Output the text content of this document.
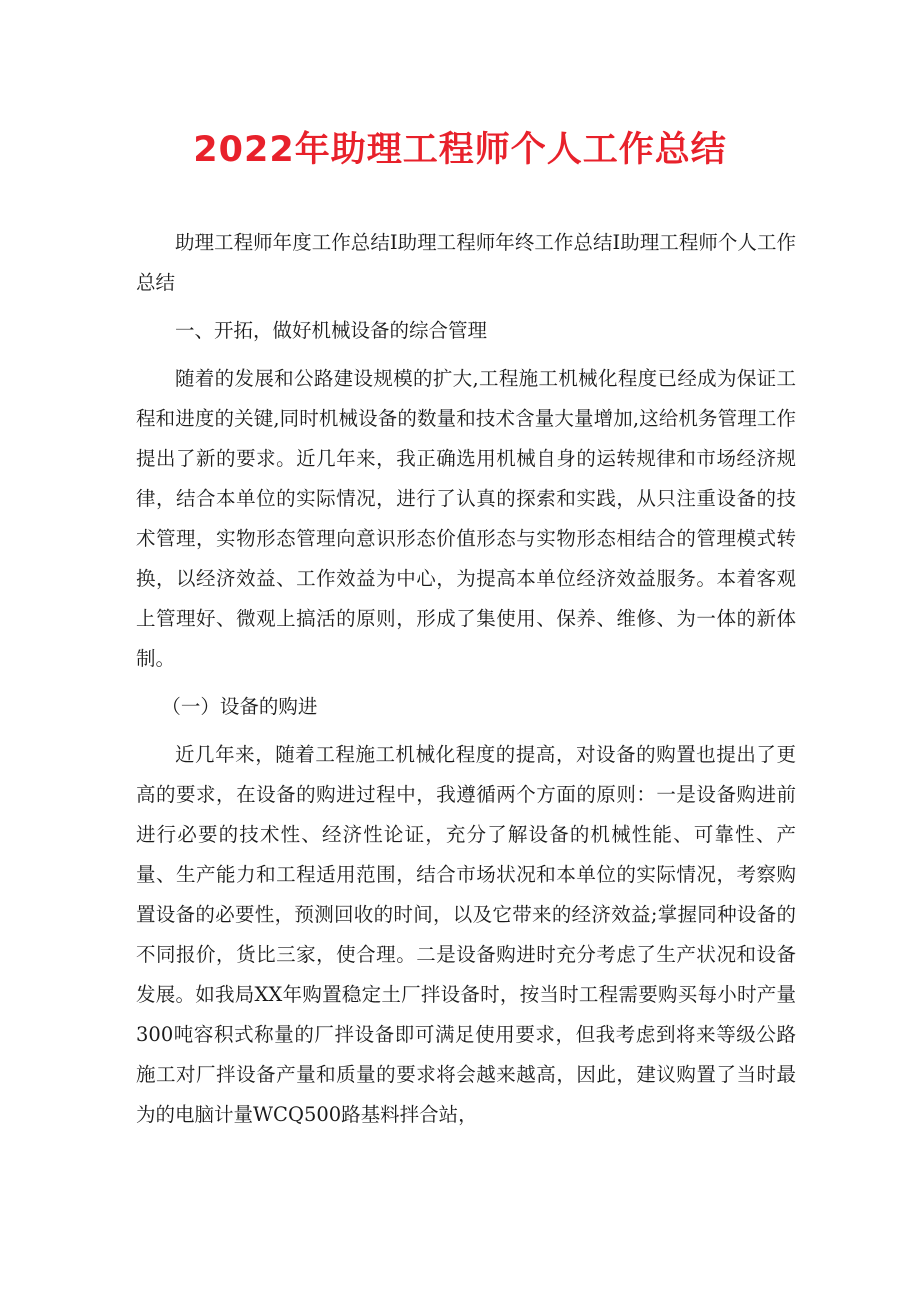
2022年助理工程师个人工作总结

助理工程师年度工作总结I助理工程师年终工作总结I助理工程师个人工作总结

一、开拓，做好机械设备的综合管理

随着的发展和公路建设规模的扩大,工程施工机械化程度已经成为保证工程和进度的关键,同时机械设备的数量和技术含量大量增加,这给机务管理工作提出了新的要求。近几年来，我正确选用机械自身的运转规律和市场经济规律，结合本单位的实际情况，进行了认真的探索和实践，从只注重设备的技术管理，实物形态管理向意识形态价值形态与实物形态相结合的管理模式转换，以经济效益、工作效益为中心，为提高本单位经济效益服务。本着客观上管理好、微观上搞活的原则，形成了集使用、保养、维修、为一体的新体制。

（一）设备的购进

近几年来，随着工程施工机械化程度的提高，对设备的购置也提出了更高的要求，在设备的购进过程中，我遵循两个方面的原则：一是设备购进前进行必要的技术性、经济性论证，充分了解设备的机械性能、可靠性、产量、生产能力和工程适用范围，结合市场状况和本单位的实际情况，考察购置设备的必要性，预测回收的时间，以及它带来的经济效益;掌握同种设备的不同报价，货比三家，使合理。二是设备购进时充分考虑了生产状况和设备发展。如我局XX年购置稳定土厂拌设备时，按当时工程需要购买每小时产量300吨容积式称量的厂拌设备即可满足使用要求，但我考虑到将来等级公路施工对厂拌设备产量和质量的要求将会越来越高，因此，建议购置了当时最为的电脑计量WCQ500路基料拌合站，
